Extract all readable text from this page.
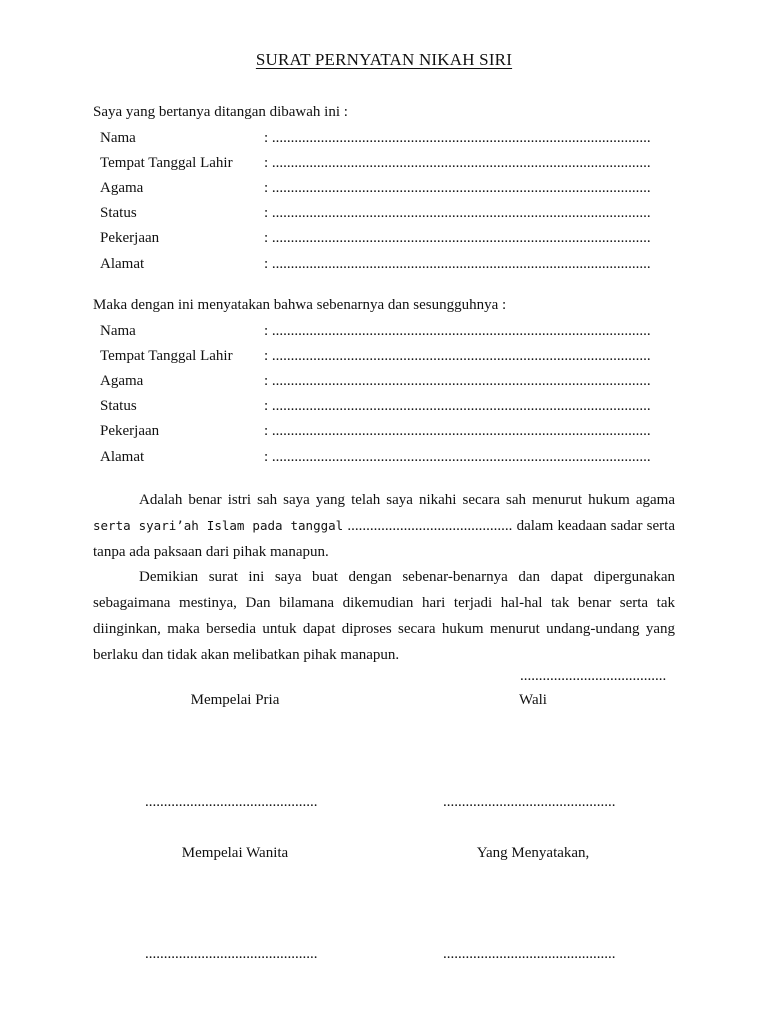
SURAT PERNYATAN NIKAH SIRI
Saya yang bertanya ditangan dibawah ini :
Nama	: .....................................................................................................
Tempat Tanggal Lahir : .....................................................................................................
Agama	: .....................................................................................................
Status	: .....................................................................................................
Pekerjaan	: .....................................................................................................
Alamat	: .....................................................................................................
Maka dengan ini menyatakan bahwa sebenarnya dan sesungguhnya :
Nama	: .....................................................................................................
Tempat Tanggal Lahir : .....................................................................................................
Agama	: .....................................................................................................
Status	: .....................................................................................................
Pekerjaan	: .....................................................................................................
Alamat	: .....................................................................................................
Adalah benar istri sah saya yang telah saya nikahi secara sah menurut hukum agama serta syari’ah Islam pada tanggal ............................................ dalam keadaan sadar serta tanpa ada paksaan dari pihak manapun.
Demikian surat ini saya buat dengan sebenar-benarnya dan dapat dipergunakan sebagaimana mestinya, Dan bilamana dikemudian hari terjadi hal-hal tak benar serta tak diinginkan, maka bersedia untuk dapat diproses secara hukum menurut undang-undang yang berlaku dan tidak akan melibatkan pihak manapun.
.......................................
Mempelai Pria	Wali
..............................................	..............................................
Mempelai Wanita	Yang Menyatakan,
..............................................	..............................................
